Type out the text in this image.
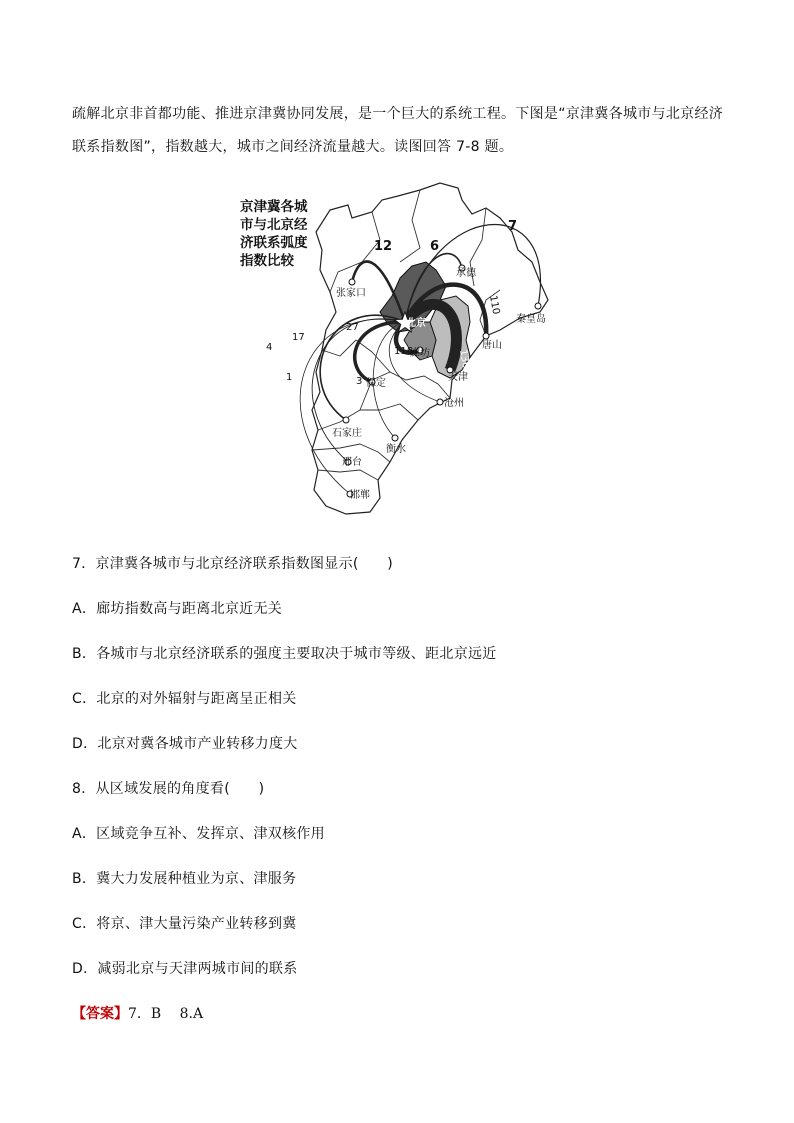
疏解北京非首都功能、推进京津冀协同发展，是一个巨大的系统工程。下图是“京津冀各城市与北京经济联系指数图”，指数越大，城市之间经济流量越大。读图回答 7-8 题。
京津冀各城
市与北京经
济联系弧度
指数比较
张家口
承德
秦皇岛
唐山
北京
廊坊
天津
保定
沧州
石家庄
衡水
邢台
邯郸
12	6
7
110
136
116
27
17
4
1	3
7．京津冀各城市与北京经济联系指数图显示(　　)
A．廊坊指数高与距离北京近无关
B．各城市与北京经济联系的强度主要取决于城市等级、距北京远近
C．北京的对外辐射与距离呈正相关
D．北京对冀各城市产业转移力度大
8．从区域发展的角度看(　　)
A．区域竞争互补、发挥京、津双核作用
B．冀大力发展种植业为京、津服务
C．将京、津大量污染产业转移到冀
D．减弱北京与天津两城市间的联系
【答案】7．B　 8.A
